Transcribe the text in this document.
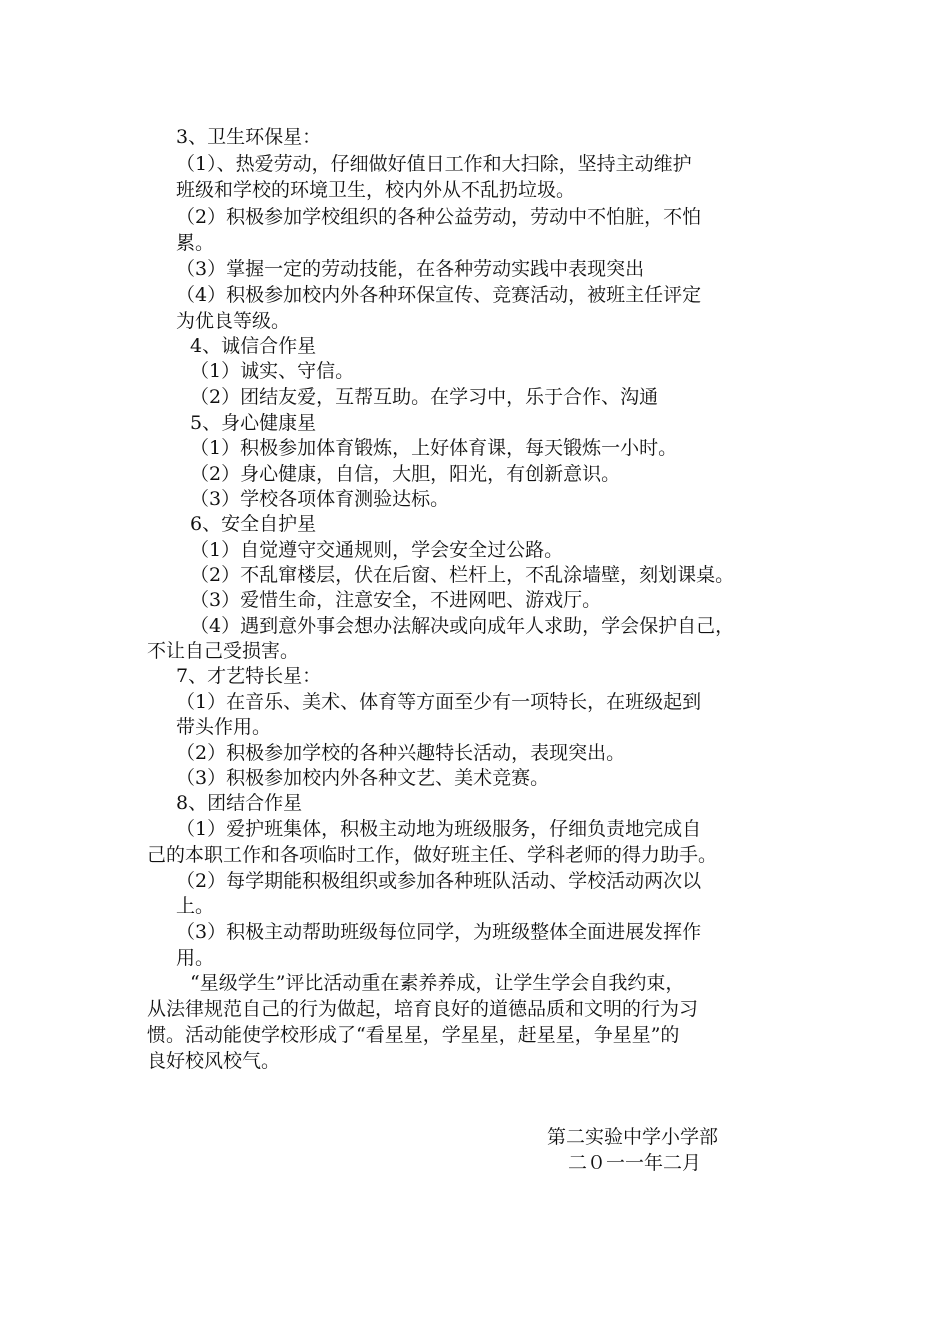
3、卫生环保星：
（1）、热爱劳动，仔细做好值日工作和大扫除，坚持主动维护
班级和学校的环境卫生，校内外从不乱扔垃圾。
（2）积极参加学校组织的各种公益劳动，劳动中不怕脏，不怕
累。
（3）掌握一定的劳动技能，在各种劳动实践中表现突出
（4）积极参加校内外各种环保宣传、竞赛活动，被班主任评定
为优良等级。
4、诚信合作星
（1）诚实、守信。
（2）团结友爱，互帮互助。在学习中，乐于合作、沟通
5、身心健康星
（1）积极参加体育锻炼，上好体育课，每天锻炼一小时。
（2）身心健康，自信，大胆，阳光，有创新意识。
（3）学校各项体育测验达标。
6、安全自护星
（1）自觉遵守交通规则，学会安全过公路。
（2）不乱窜楼层，伏在后窗、栏杆上，不乱涂墙壁，刻划课桌。
（3）爱惜生命，注意安全，不进网吧、游戏厅。
（4）遇到意外事会想办法解决或向成年人求助，学会保护自己，
不让自己受损害。
7、才艺特长星：
（1）在音乐、美术、体育等方面至少有一项特长，在班级起到
带头作用。
（2）积极参加学校的各种兴趣特长活动，表现突出。
（3）积极参加校内外各种文艺、美术竞赛。
8、团结合作星
（1）爱护班集体，积极主动地为班级服务，仔细负责地完成自
己的本职工作和各项临时工作，做好班主任、学科老师的得力助手。
（2）每学期能积极组织或参加各种班队活动、学校活动两次以
上。
（3）积极主动帮助班级每位同学，为班级整体全面进展发挥作
用。
“星级学生”评比活动重在素养养成，让学生学会自我约束，
从法律规范自己的行为做起，培育良好的道德品质和文明的行为习
惯。活动能使学校形成了“看星星，学星星，赶星星，争星星”的
良好校风校气。
第二实验中学小学部
二０一一年二月
